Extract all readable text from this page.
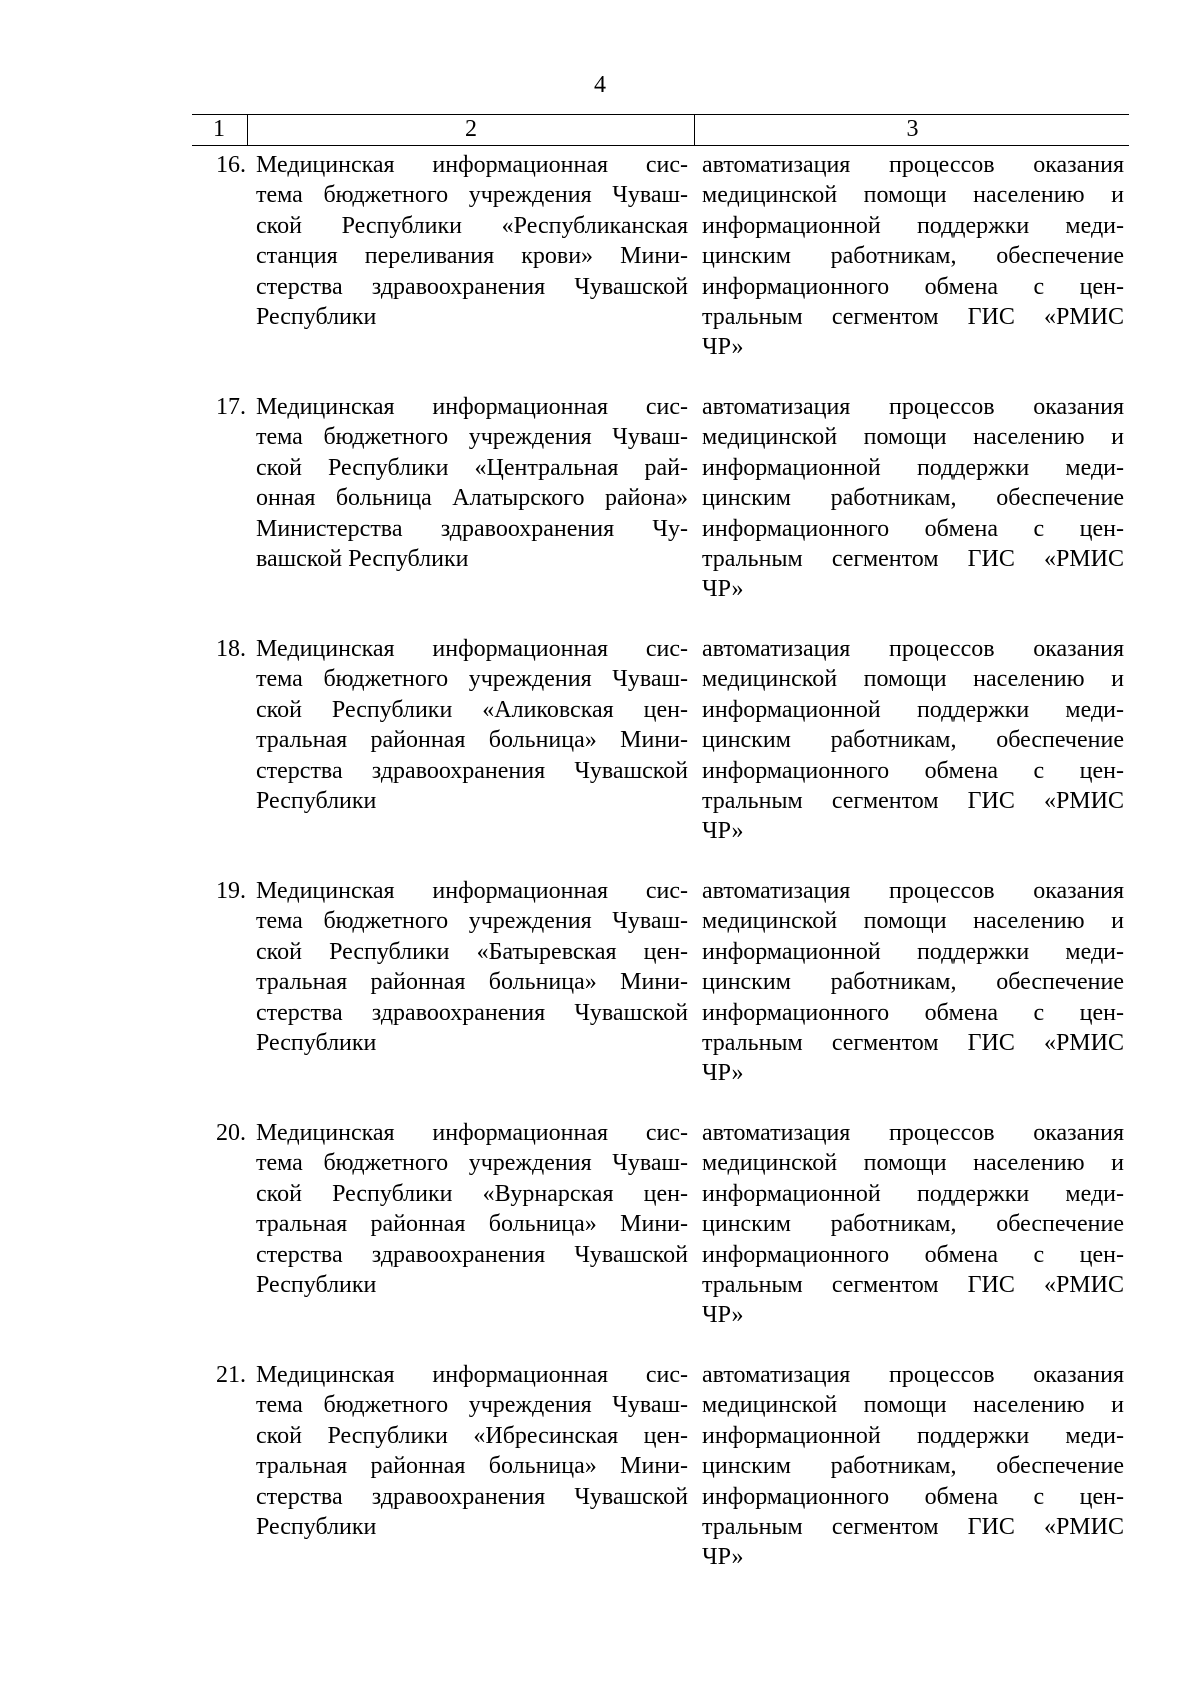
4
1	2	3
16. Медицинская информационная сис-
тема бюджетного учреждения Чуваш-
ской Республики «Республиканская
станция переливания крови» Мини-
стерства здравоохранения Чувашской
Республики
автоматизация процессов оказания
медицинской помощи населению и
информационной поддержки меди-
цинским работникам, обеспечение
информационного обмена с цен-
тральным сегментом ГИС «РМИС
ЧР»
17. Медицинская информационная сис-
тема бюджетного учреждения Чуваш-
ской Республики «Центральная рай-
онная больница Алатырского района»
Министерства здравоохранения Чу-
вашской Республики
автоматизация процессов оказания
медицинской помощи населению и
информационной поддержки меди-
цинским работникам, обеспечение
информационного обмена с цен-
тральным сегментом ГИС «РМИС
ЧР»
18. Медицинская информационная сис-
тема бюджетного учреждения Чуваш-
ской Республики «Аликовская цен-
тральная районная больница» Мини-
стерства здравоохранения Чувашской
Республики
автоматизация процессов оказания
медицинской помощи населению и
информационной поддержки меди-
цинским работникам, обеспечение
информационного обмена с цен-
тральным сегментом ГИС «РМИС
ЧР»
19. Медицинская информационная сис-
тема бюджетного учреждения Чуваш-
ской Республики «Батыревская цен-
тральная районная больница» Мини-
стерства здравоохранения Чувашской
Республики
автоматизация процессов оказания
медицинской помощи населению и
информационной поддержки меди-
цинским работникам, обеспечение
информационного обмена с цен-
тральным сегментом ГИС «РМИС
ЧР»
20. Медицинская информационная сис-
тема бюджетного учреждения Чуваш-
ской Республики «Вурнарская цен-
тральная районная больница» Мини-
стерства здравоохранения Чувашской
Республики
автоматизация процессов оказания
медицинской помощи населению и
информационной поддержки меди-
цинским работникам, обеспечение
информационного обмена с цен-
тральным сегментом ГИС «РМИС
ЧР»
21. Медицинская информационная сис-
тема бюджетного учреждения Чуваш-
ской Республики «Ибресинская цен-
тральная районная больница» Мини-
стерства здравоохранения Чувашской
Республики
автоматизация процессов оказания
медицинской помощи населению и
информационной поддержки меди-
цинским работникам, обеспечение
информационного обмена с цен-
тральным сегментом ГИС «РМИС
ЧР»
